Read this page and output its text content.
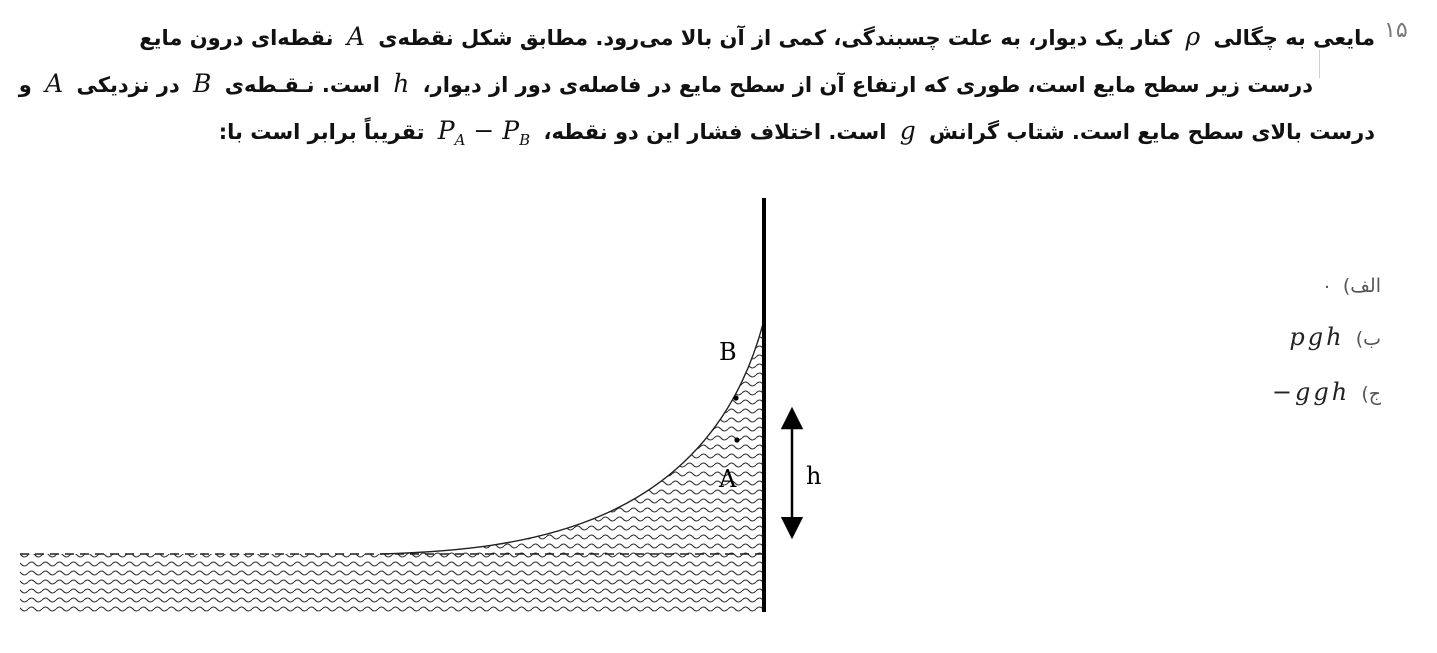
۱۵
مایعی به چگالی ρ کنار یک دیوار، به علت چسبندگی، کمی از آن بالا می‌رود. مطابق شکل نقطه‌ی A نقطه‌ای درون مایع
درست زیر سطح مایع است، طوری که ارتفاع آن از سطح مایع در فاصله‌ی دور از دیوار، h است. نـقـطه‌ی B در نزدیکی A و
درست بالای سطح مایع است. شتاب گرانش g است. اختلاف فشار این دو نقطه، $P_A - P_B$ تقریباً برابر است با:
الف) ۰
ب) pgh
ج) −ggh
B
A	h
